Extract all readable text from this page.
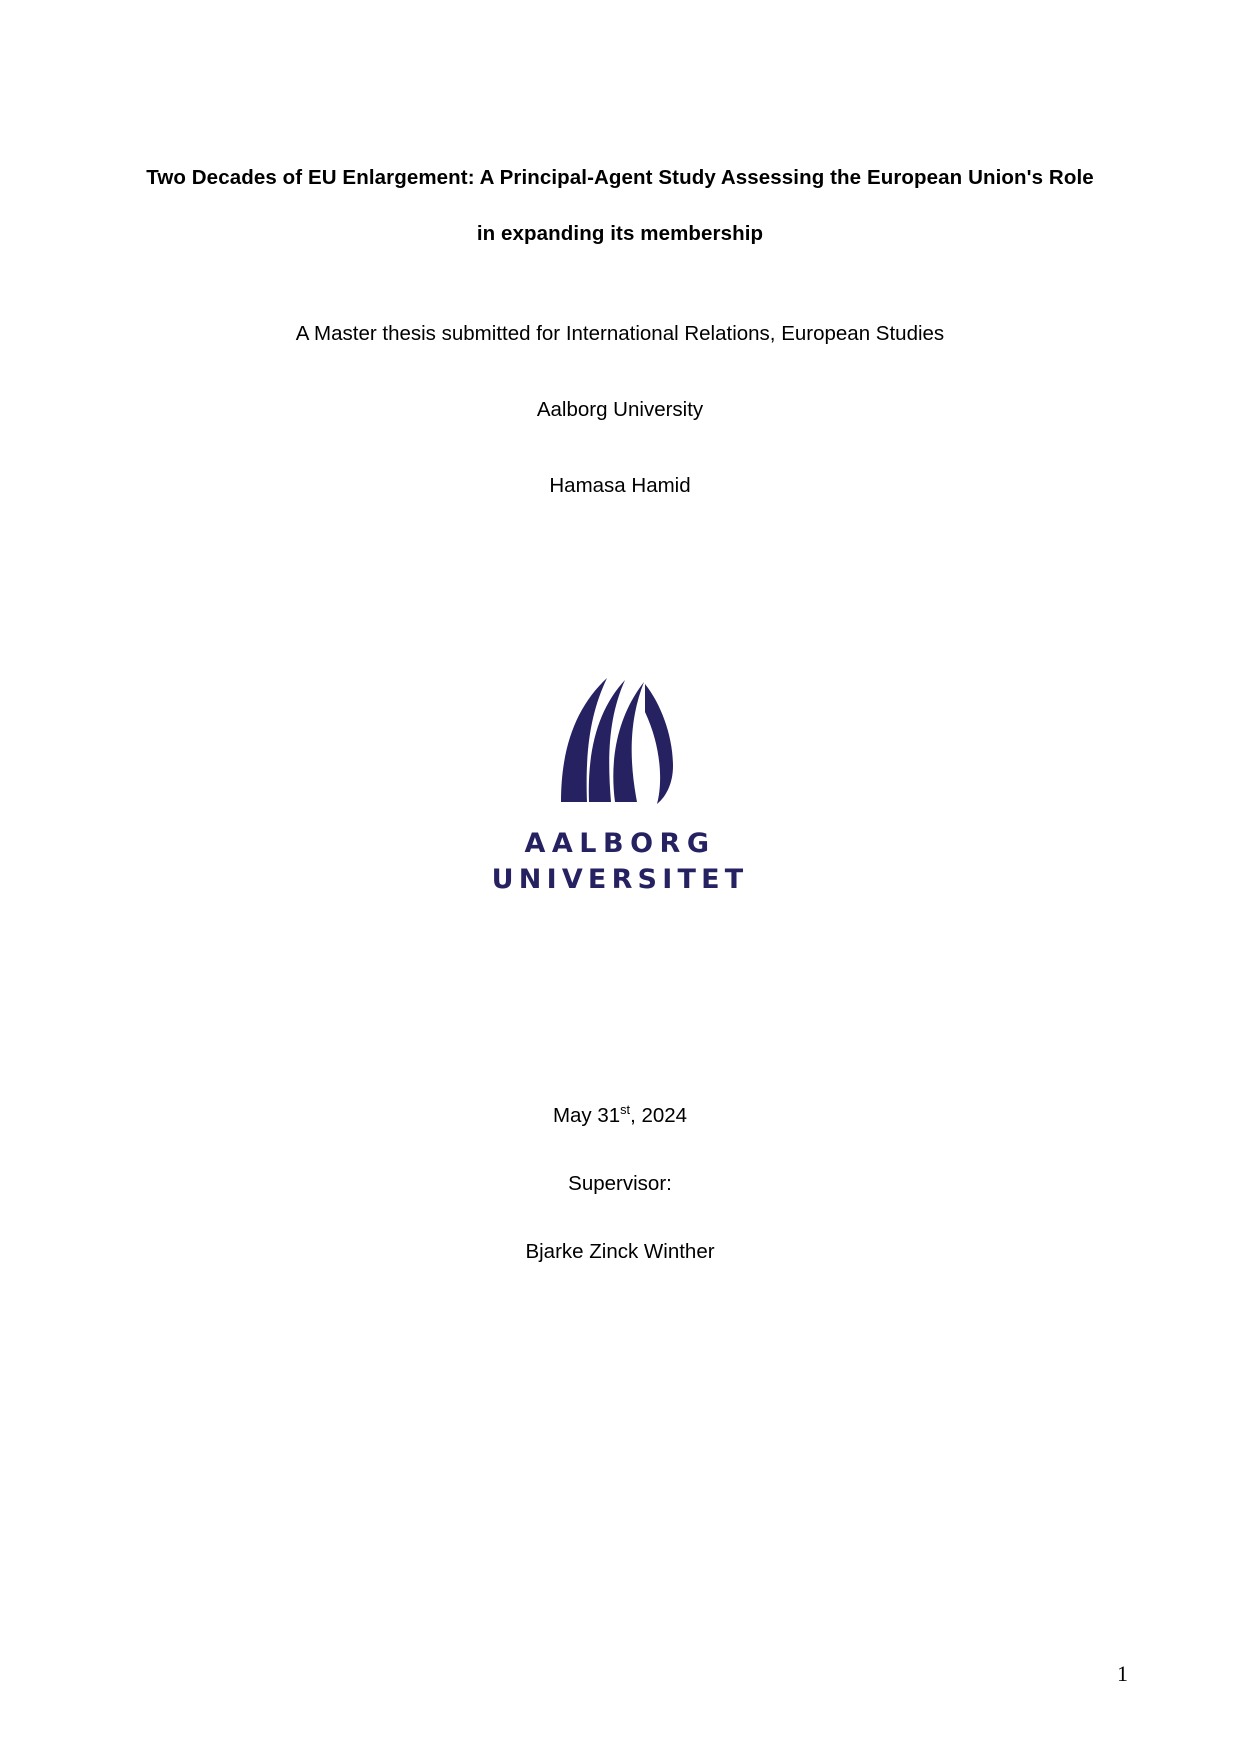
Two Decades of EU Enlargement: A Principal-Agent Study Assessing the European Union's Role
in expanding its membership
A Master thesis submitted for International Relations, European Studies
Aalborg University
Hamasa Hamid
AALBORG
UNIVERSITET
May 31st, 2024
Supervisor:
Bjarke Zinck Winther
1
